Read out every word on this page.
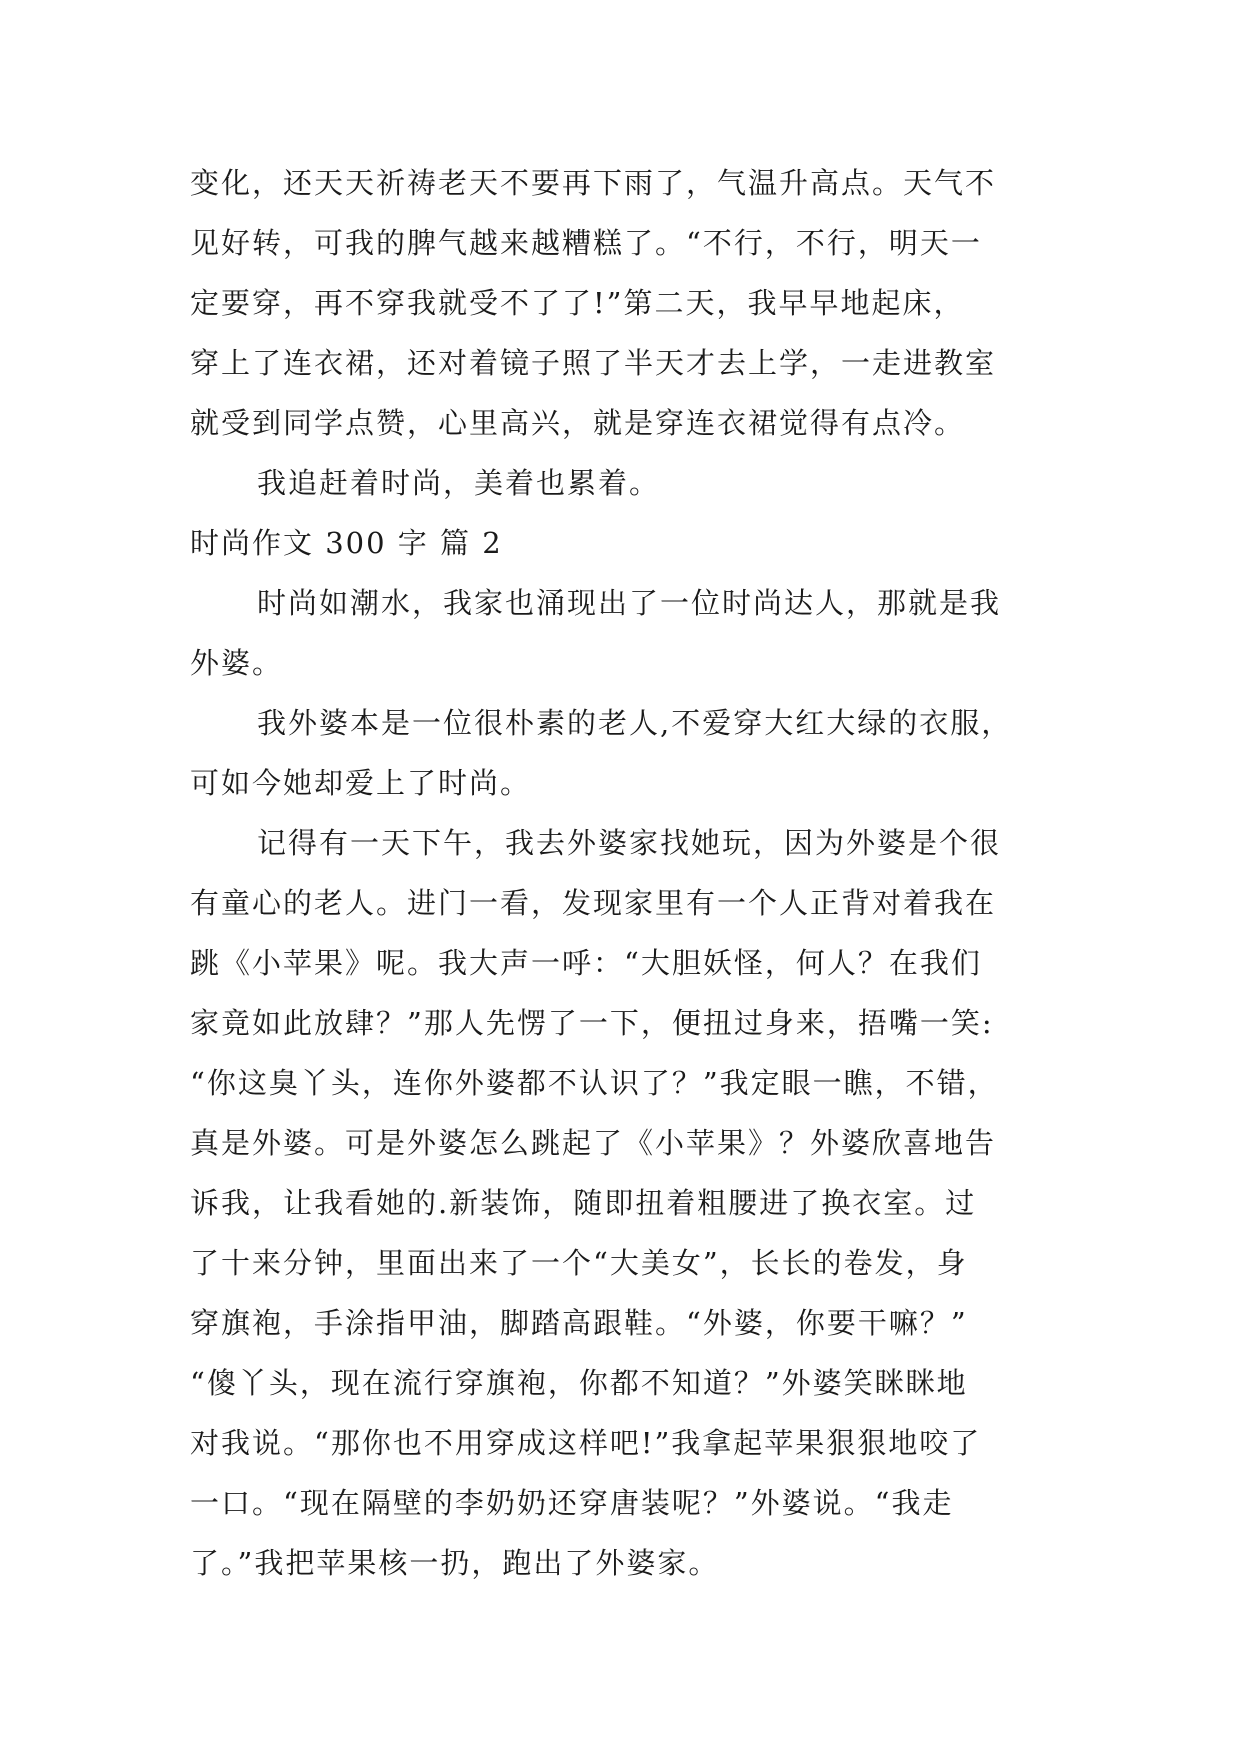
变化，还天天祈祷老天不要再下雨了，气温升高点。天气不
见好转，可我的脾气越来越糟糕了。“不行，不行，明天一
定要穿，再不穿我就受不了了!”第二天，我早早地起床，
穿上了连衣裙，还对着镜子照了半天才去上学，一走进教室
就受到同学点赞，心里高兴，就是穿连衣裙觉得有点冷。
我追赶着时尚，美着也累着。
时尚作文 300 字 篇 2
时尚如潮水，我家也涌现出了一位时尚达人，那就是我
外婆。
我外婆本是一位很朴素的老人,不爱穿大红大绿的衣服，
可如今她却爱上了时尚。
记得有一天下午，我去外婆家找她玩，因为外婆是个很
有童心的老人。进门一看，发现家里有一个人正背对着我在
跳《小苹果》呢。我大声一呼：“大胆妖怪，何人？在我们
家竟如此放肆？”那人先愣了一下，便扭过身来，捂嘴一笑:
“你这臭丫头，连你外婆都不认识了？”我定眼一瞧，不错，
真是外婆。可是外婆怎么跳起了《小苹果》？外婆欣喜地告
诉我，让我看她的.新装饰，随即扭着粗腰进了换衣室。过
了十来分钟，里面出来了一个“大美女”，长长的卷发，身
穿旗袍，手涂指甲油，脚踏高跟鞋。“外婆，你要干嘛？”
“傻丫头，现在流行穿旗袍，你都不知道？”外婆笑眯眯地
对我说。“那你也不用穿成这样吧!”我拿起苹果狠狠地咬了
一口。“现在隔壁的李奶奶还穿唐装呢？”外婆说。“我走
了。”我把苹果核一扔，跑出了外婆家。
